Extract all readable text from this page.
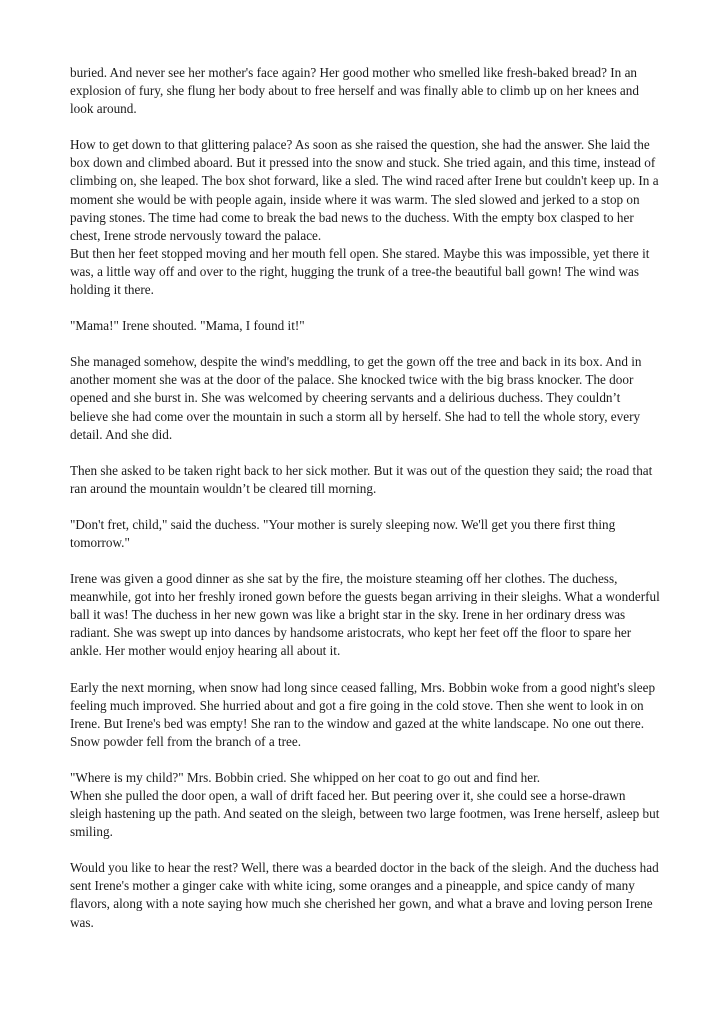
buried. And never see her mother's face again? Her good mother who smelled like fresh-baked bread? In an explosion of fury, she flung her body about to free herself and was finally able to climb up on her knees and look around.

How to get down to that glittering palace? As soon as she raised the question, she had the answer. She laid the box down and climbed aboard. But it pressed into the snow and stuck. She tried again, and this time, instead of climbing on, she leaped. The box shot forward, like a sled. The wind raced after Irene but couldn't keep up. In a moment she would be with people again, inside where it was warm. The sled slowed and jerked to a stop on paving stones. The time had come to break the bad news to the duchess. With the empty box clasped to her chest, Irene strode nervously toward the palace.

But then her feet stopped moving and her mouth fell open. She stared. Maybe this was impossible, yet there it was, a little way off and over to the right, hugging the trunk of a tree-the beautiful ball gown! The wind was holding it there.

"Mama!" Irene shouted. "Mama, I found it!"

She managed somehow, despite the wind's meddling, to get the gown off the tree and back in its box. And in another moment she was at the door of the palace. She knocked twice with the big brass knocker. The door opened and she burst in. She was welcomed by cheering servants and a delirious duchess. They couldn’t believe she had come over the mountain in such a storm all by herself. She had to tell the whole story, every detail. And she did.

Then she asked to be taken right back to her sick mother. But it was out of the question they said; the road that ran around the mountain wouldn’t be cleared till morning.

"Don't fret, child," said the duchess. "Your mother is surely sleeping now. We'll get you there first thing tomorrow."

Irene was given a good dinner as she sat by the fire, the moisture steaming off her clothes. The duchess, meanwhile, got into her freshly ironed gown before the guests began arriving in their sleighs. What a wonderful ball it was! The duchess in her new gown was like a bright star in the sky. Irene in her ordinary dress was radiant. She was swept up into dances by handsome aristocrats, who kept her feet off the floor to spare her ankle. Her mother would enjoy hearing all about it.

Early the next morning, when snow had long since ceased falling, Mrs. Bobbin woke from a good night's sleep feeling much improved. She hurried about and got a fire going in the cold stove. Then she went to look in on Irene. But Irene's bed was empty! She ran to the window and gazed at the white landscape. No one out there. Snow powder fell from the branch of a tree.

"Where is my child?" Mrs. Bobbin cried. She whipped on her coat to go out and find her.

When she pulled the door open, a wall of drift faced her. But peering over it, she could see a horse-drawn sleigh hastening up the path. And seated on the sleigh, between two large footmen, was Irene herself, asleep but smiling.

Would you like to hear the rest? Well, there was a bearded doctor in the back of the sleigh. And the duchess had sent Irene's mother a ginger cake with white icing, some oranges and a pineapple, and spice candy of many flavors, along with a note saying how much she cherished her gown, and what a brave and loving person Irene was.
